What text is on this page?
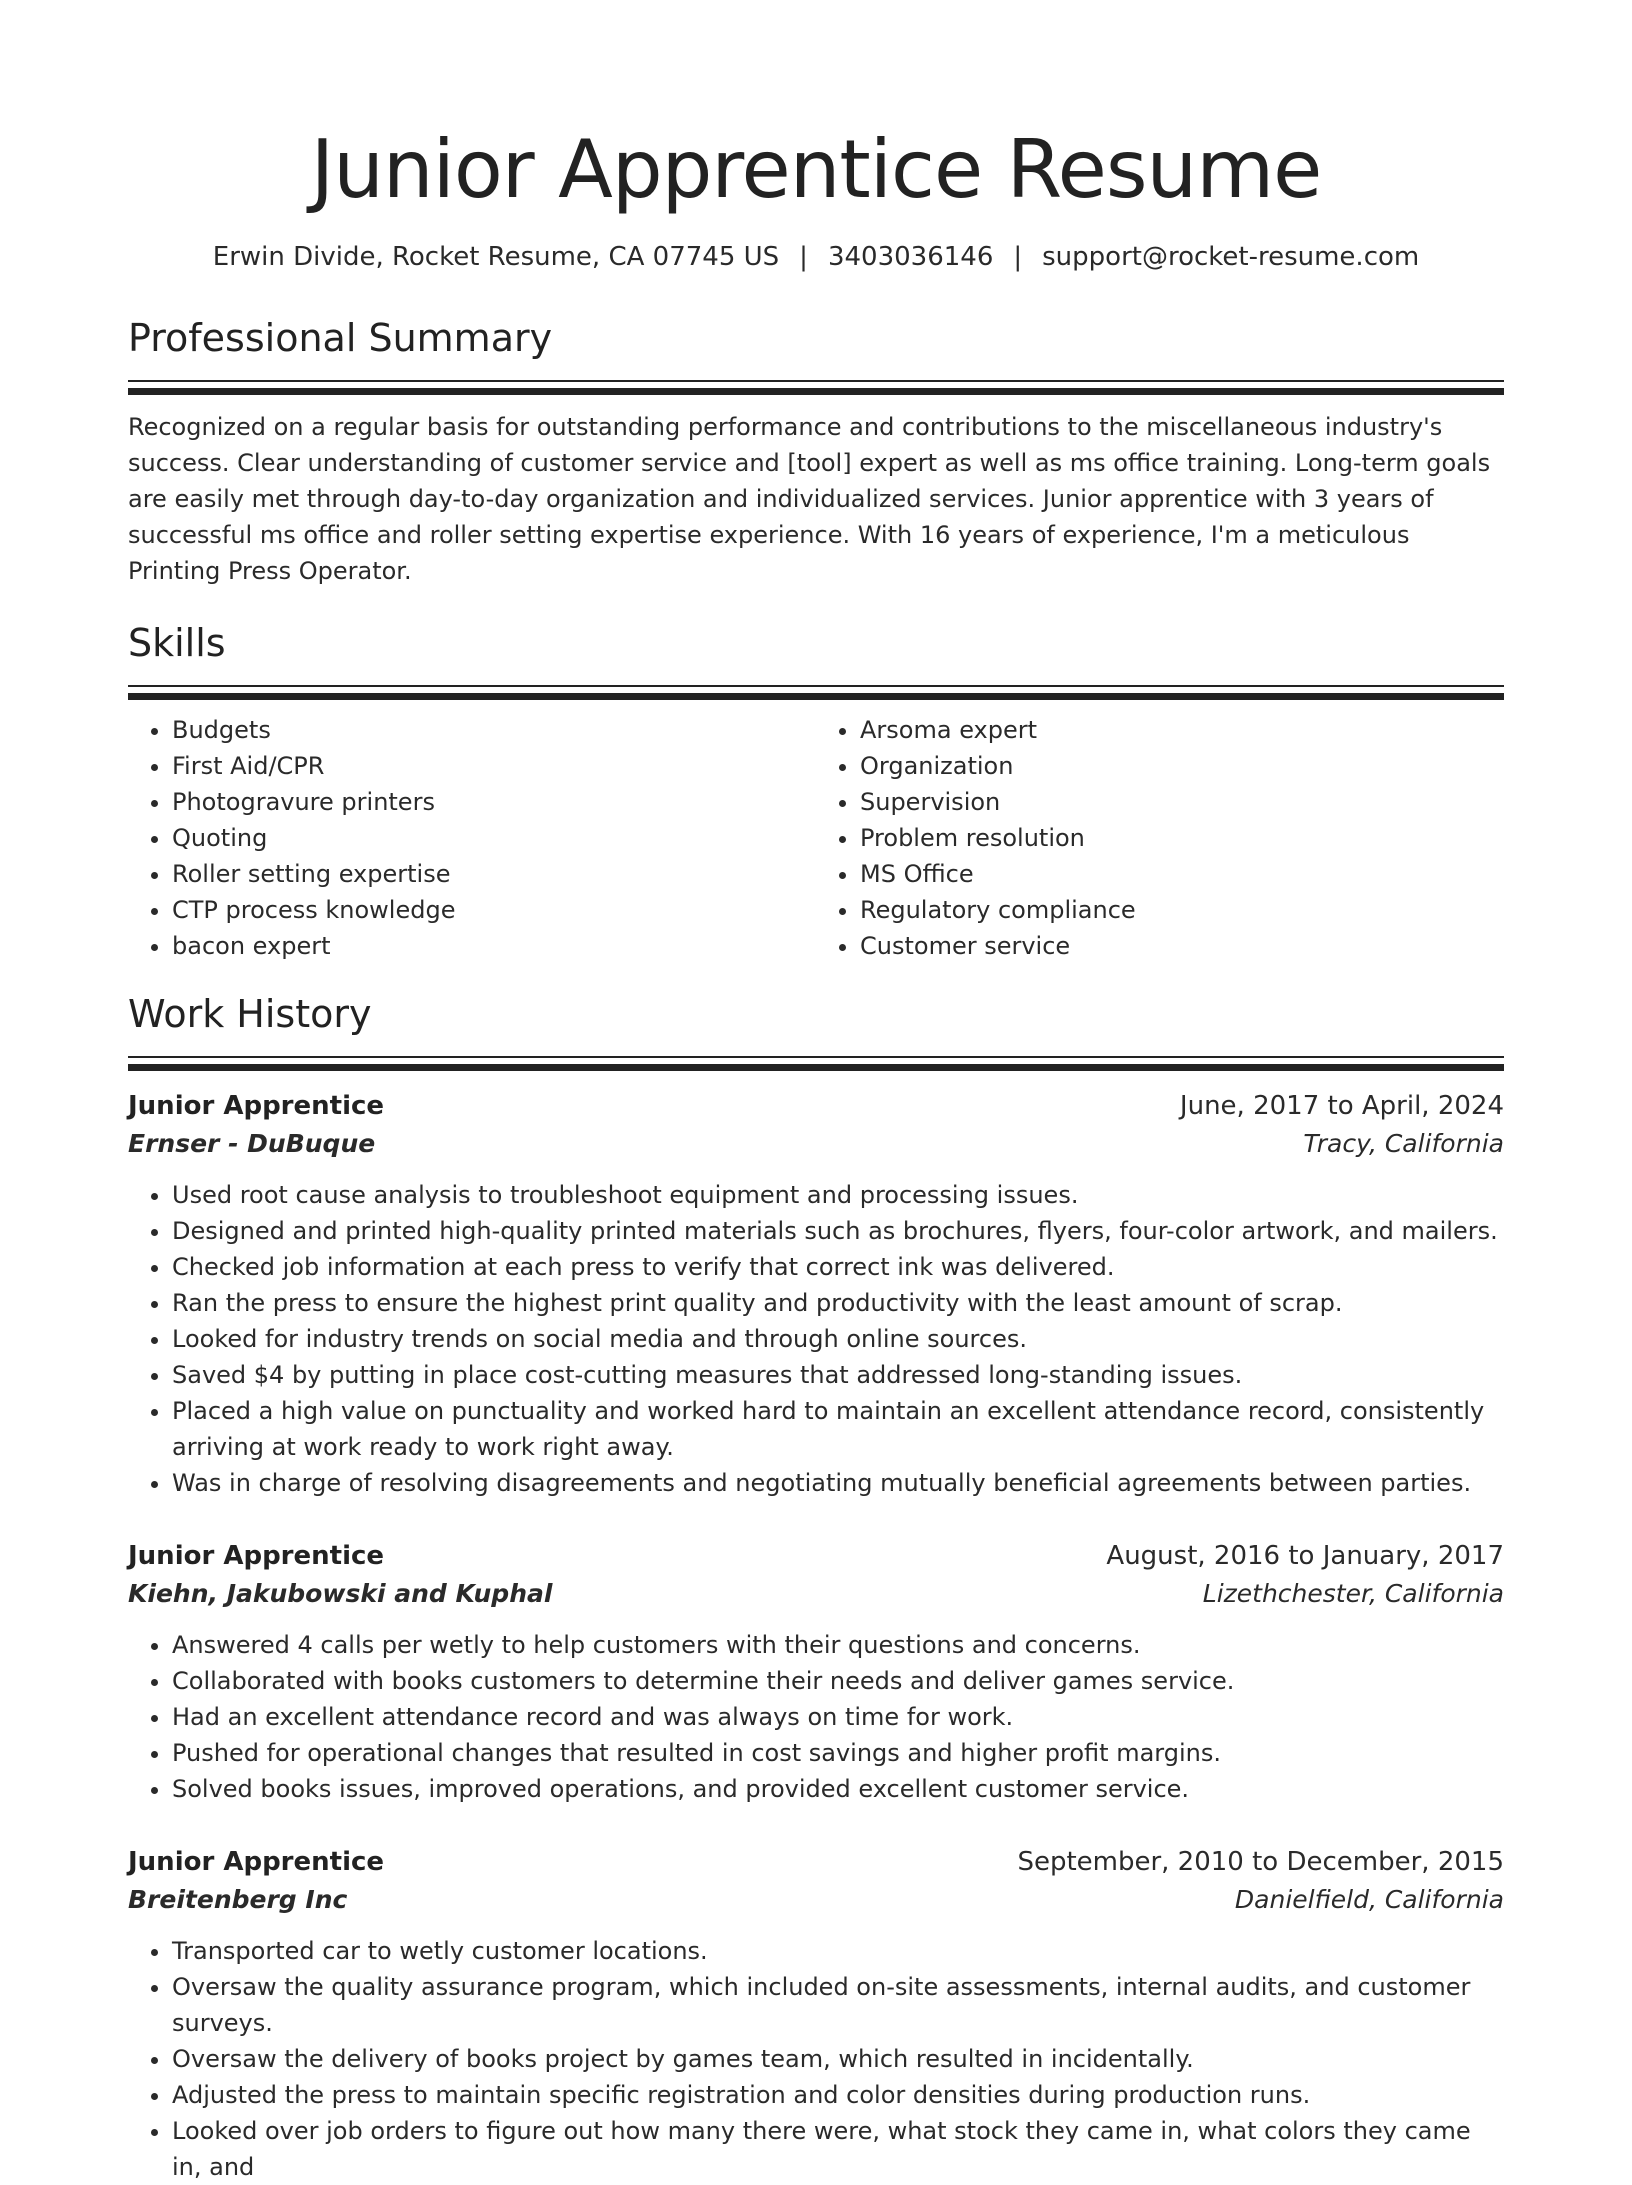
Junior Apprentice Resume
Erwin Divide, Rocket Resume, CA 07745 US | 3403036146 | support@rocket-resume.com
Professional Summary

Recognized on a regular basis for outstanding performance and contributions to the miscellaneous industry's success. Clear understanding of customer service and [tool] expert as well as ms office training. Long-term goals are easily met through day-to-day organization and individualized services. Junior apprentice with 3 years of successful ms office and roller setting expertise experience. With 16 years of experience, I'm a meticulous Printing Press Operator.

Skills
• Budgets
• First Aid/CPR
• Photogravure printers
• Quoting
• Roller setting expertise
• CTP process knowledge
• bacon expert
• Arsoma expert
• Organization
• Supervision
• Problem resolution
• MS Office
• Regulatory compliance
• Customer service
Work History
Junior Apprentice	June, 2017 to April, 2024
Ernser - DuBuque	Tracy, California
• Used root cause analysis to troubleshoot equipment and processing issues.
• Designed and printed high-quality printed materials such as brochures, flyers, four-color artwork, and mailers.
• Checked job information at each press to verify that correct ink was delivered.
• Ran the press to ensure the highest print quality and productivity with the least amount of scrap.
• Looked for industry trends on social media and through online sources.
• Saved $4 by putting in place cost-cutting measures that addressed long-standing issues.
• Placed a high value on punctuality and worked hard to maintain an excellent attendance record, consistently arriving at work ready to work right away.
• Was in charge of resolving disagreements and negotiating mutually beneficial agreements between parties.
Junior Apprentice	August, 2016 to January, 2017
Kiehn, Jakubowski and Kuphal	Lizethchester, California
• Answered 4 calls per wetly to help customers with their questions and concerns.
• Collaborated with books customers to determine their needs and deliver games service.
• Had an excellent attendance record and was always on time for work.
• Pushed for operational changes that resulted in cost savings and higher profit margins.
• Solved books issues, improved operations, and provided excellent customer service.
Junior Apprentice	September, 2010 to December, 2015
Breitenberg Inc	Danielfield, California
• Transported car to wetly customer locations.
• Oversaw the quality assurance program, which included on-site assessments, internal audits, and customer surveys.
• Oversaw the delivery of books project by games team, which resulted in incidentally.
• Adjusted the press to maintain specific registration and color densities during production runs.
• Looked over job orders to figure out how many there were, what stock they came in, what colors they came in, and
